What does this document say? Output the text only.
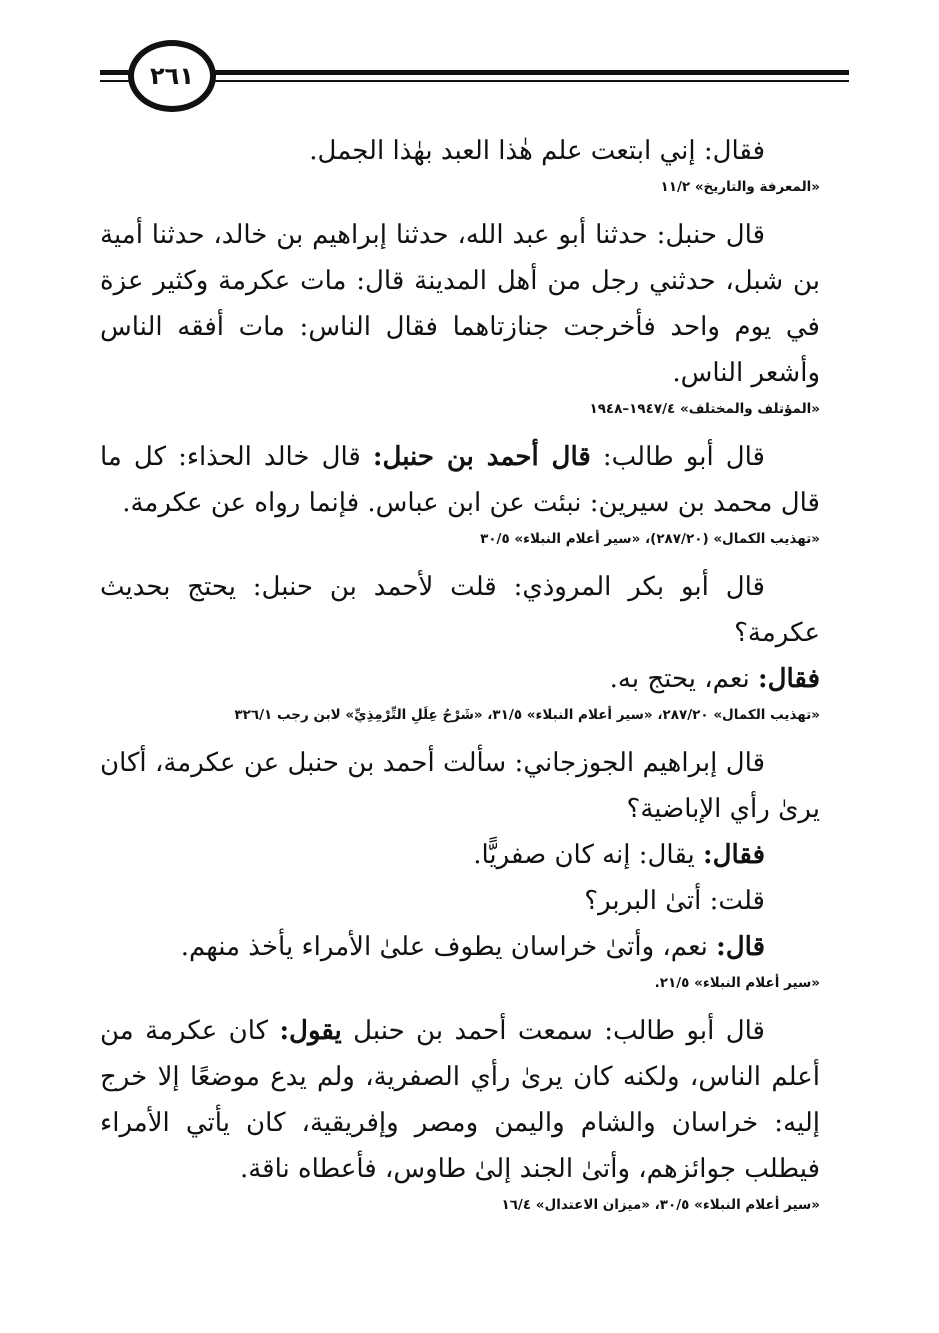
٢٦١

فقال: إني ابتعت علم هٰذا العبد بهٰذا الجمل.

«المعرفة والتاريخ» ١١/٢

قال حنبل: حدثنا أبو عبد الله، حدثنا إبراهيم بن خالد، حدثنا أمية بن شبل، حدثني رجل من أهل المدينة قال: مات عكرمة وكثير عزة في يوم واحد فأخرجت جنازتاهما فقال الناس: مات أفقه الناس وأشعر الناس.

«المؤتلف والمختلف» ١٩٤٧/٤–١٩٤٨

قال أبو طالب: قال أحمد بن حنبل: قال خالد الحذاء: كل ما قال محمد بن سيرين: نبئت عن ابن عباس. فإنما رواه عن عكرمة.

«تهذيب الكمال» (٢٨٧/٢٠)، «سير أعلام النبلاء» ٣٠/٥

قال أبو بكر المروذي: قلت لأحمد بن حنبل: يحتج بحديث عكرمة؟

فقال: نعم، يحتج به.

«تهذيب الكمال» ٢٨٧/٢٠، «سير أعلام النبلاء» ٣١/٥، «شَرْحُ عِلَلِ التِّرْمِذِيِّ» لابن رجب ٣٢٦/١

قال إبراهيم الجوزجاني: سألت أحمد بن حنبل عن عكرمة، أكان يرىٰ رأي الإباضية؟

فقال: يقال: إنه كان صفريًّا.

قلت: أتىٰ البربر؟

قال: نعم، وأتىٰ خراسان يطوف علىٰ الأمراء يأخذ منهم.

«سير أعلام النبلاء» ٢١/٥.

قال أبو طالب: سمعت أحمد بن حنبل يقول: كان عكرمة من أعلم الناس، ولكنه كان يرىٰ رأي الصفرية، ولم يدع موضعًا إلا خرج إليه: خراسان والشام واليمن ومصر وإفريقية، كان يأتي الأمراء فيطلب جوائزهم، وأتىٰ الجند إلىٰ طاوس، فأعطاه ناقة.

«سير أعلام النبلاء» ٣٠/٥، «ميزان الاعتدال» ١٦/٤
